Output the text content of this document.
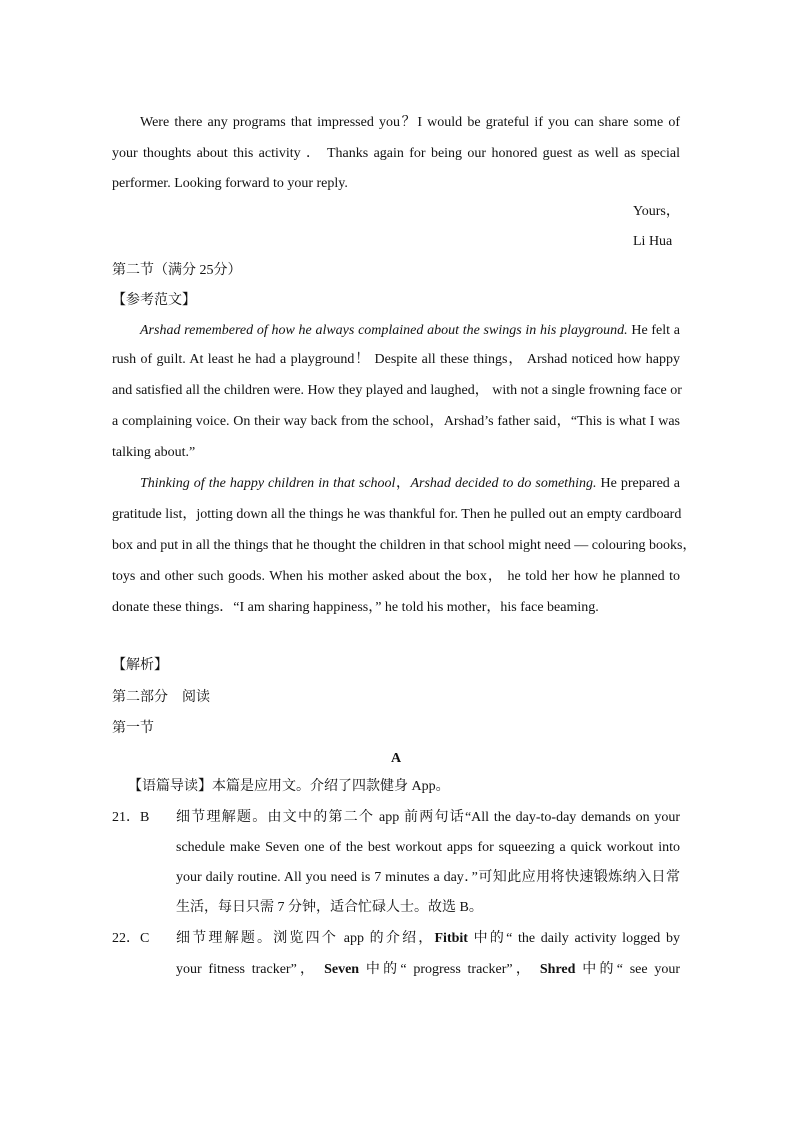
Were there any programs that impressed you？I would be grateful if you can share some of
your thoughts about this activity ． Thanks again for being our honored guest as well as special
performer. Looking forward to your reply.
Yours，
Li Hua
第二节（满分 25分）
【参考范文】
Arshad remembered of how he always complained about the swings in his playground. He felt a
rush of guilt. At least he had a playground！ Despite all these things， Arshad noticed how happy
and satisfied all the children were. How they played and laughed， with not a single frowning face or
a complaining voice. On their way back from the school，Arshad’s father said，“This is what I was
talking about.”
Thinking of the happy children in that school，Arshad decided to do something. He prepared a
gratitude list，jotting down all the things he was thankful for. Then he pulled out an empty cardboard
box and put in all the things that he thought the children in that school might need — colouring books，
toys and other such goods. When his mother asked about the box， he told her how he planned to
donate these things．“I am sharing happiness，” he told his mother，his face beaming.
【解析】
第二部分　阅读
第一节
A
【语篇导读】本篇是应用文。介绍了四款健身 App。
21．B	细节理解题。由文中的第二个 app 前两句话“All the day-to-day demands on your
schedule make Seven one of the best workout apps for squeezing a quick workout into
your daily routine. All you need is 7 minutes a day．”可知此应用将快速锻炼纳入日常
生活，每日只需 7 分钟，适合忙碌人士。故选 B。
22．C	细节理解题。浏览四个 app 的介绍，Fitbit 中的“ the daily activity logged by
your fitness tracker”， Seven 中的“ progress tracker”， Shred 中的“ see your
